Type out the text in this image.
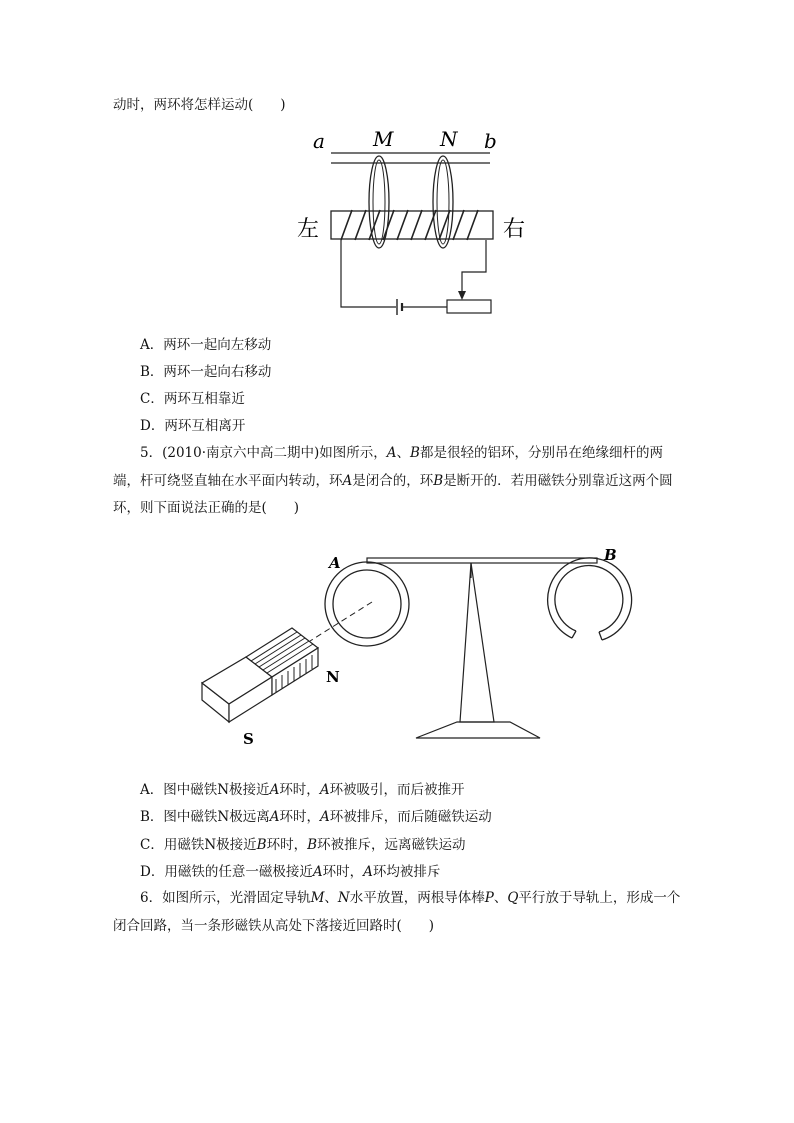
动时，两环将怎样运动(　　)
a M N b
左	右
A．两环一起向左移动
B．两环一起向右移动
C．两环互相靠近
D．两环互相离开
5．(2010·南京六中高二期中)如图所示，A、B都是很轻的铝环，分别吊在绝缘细杆的两端，杆可绕竖直轴在水平面内转动，环A是闭合的，环B是断开的．若用磁铁分别靠近这两个圆环，则下面说法正确的是(　　)
A	B
N
S
A．图中磁铁N极接近A环时，A环被吸引，而后被推开
B．图中磁铁N极远离A环时，A环被排斥，而后随磁铁运动
C．用磁铁N极接近B环时，B环被推斥，远离磁铁运动
D．用磁铁的任意一磁极接近A环时，A环均被排斥
6．如图所示，光滑固定导轨M、N水平放置，两根导体棒P、Q平行放于导轨上，形成一个闭合回路，当一条形磁铁从高处下落接近回路时(　　)
